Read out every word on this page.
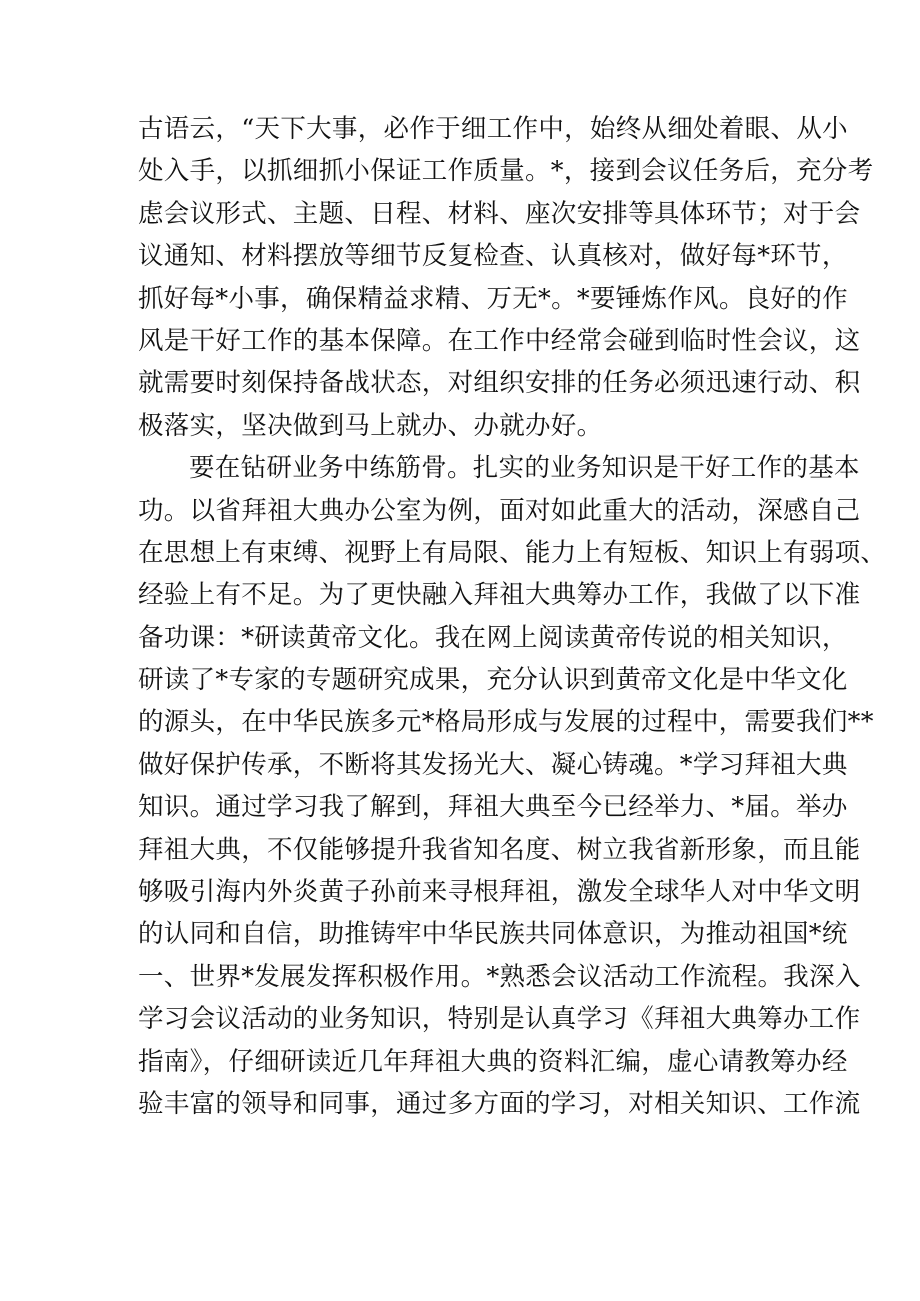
古语云，“天下大事，必作于细工作中，始终从细处着眼、从小
处入手，以抓细抓小保证工作质量。*，接到会议任务后，充分考
虑会议形式、主题、日程、材料、座次安排等具体环节；对于会
议通知、材料摆放等细节反复检查、认真核对，做好每*环节，
抓好每*小事，确保精益求精、万无*。*要锤炼作风。良好的作
风是干好工作的基本保障。在工作中经常会碰到临时性会议，这
就需要时刻保持备战状态，对组织安排的任务必须迅速行动、积
极落实，坚决做到马上就办、办就办好。
要在钻研业务中练筋骨。扎实的业务知识是干好工作的基本
功。以省拜祖大典办公室为例，面对如此重大的活动，深感自己
在思想上有束缚、视野上有局限、能力上有短板、知识上有弱项、
经验上有不足。为了更快融入拜祖大典筹办工作，我做了以下准
备功课：*研读黄帝文化。我在网上阅读黄帝传说的相关知识，
研读了*专家的专题研究成果，充分认识到黄帝文化是中华文化
的源头，在中华民族多元*格局形成与发展的过程中，需要我们**
做好保护传承，不断将其发扬光大、凝心铸魂。*学习拜祖大典
知识。通过学习我了解到，拜祖大典至今已经举力、*届。举办
拜祖大典，不仅能够提升我省知名度、树立我省新形象，而且能
够吸引海内外炎黄子孙前来寻根拜祖，激发全球华人对中华文明
的认同和自信，助推铸牢中华民族共同体意识，为推动祖国*统
一、世界*发展发挥积极作用。*熟悉会议活动工作流程。我深入
学习会议活动的业务知识，特别是认真学习《拜祖大典筹办工作
指南》，仔细研读近几年拜祖大典的资料汇编，虚心请教筹办经
验丰富的领导和同事，通过多方面的学习，对相关知识、工作流
